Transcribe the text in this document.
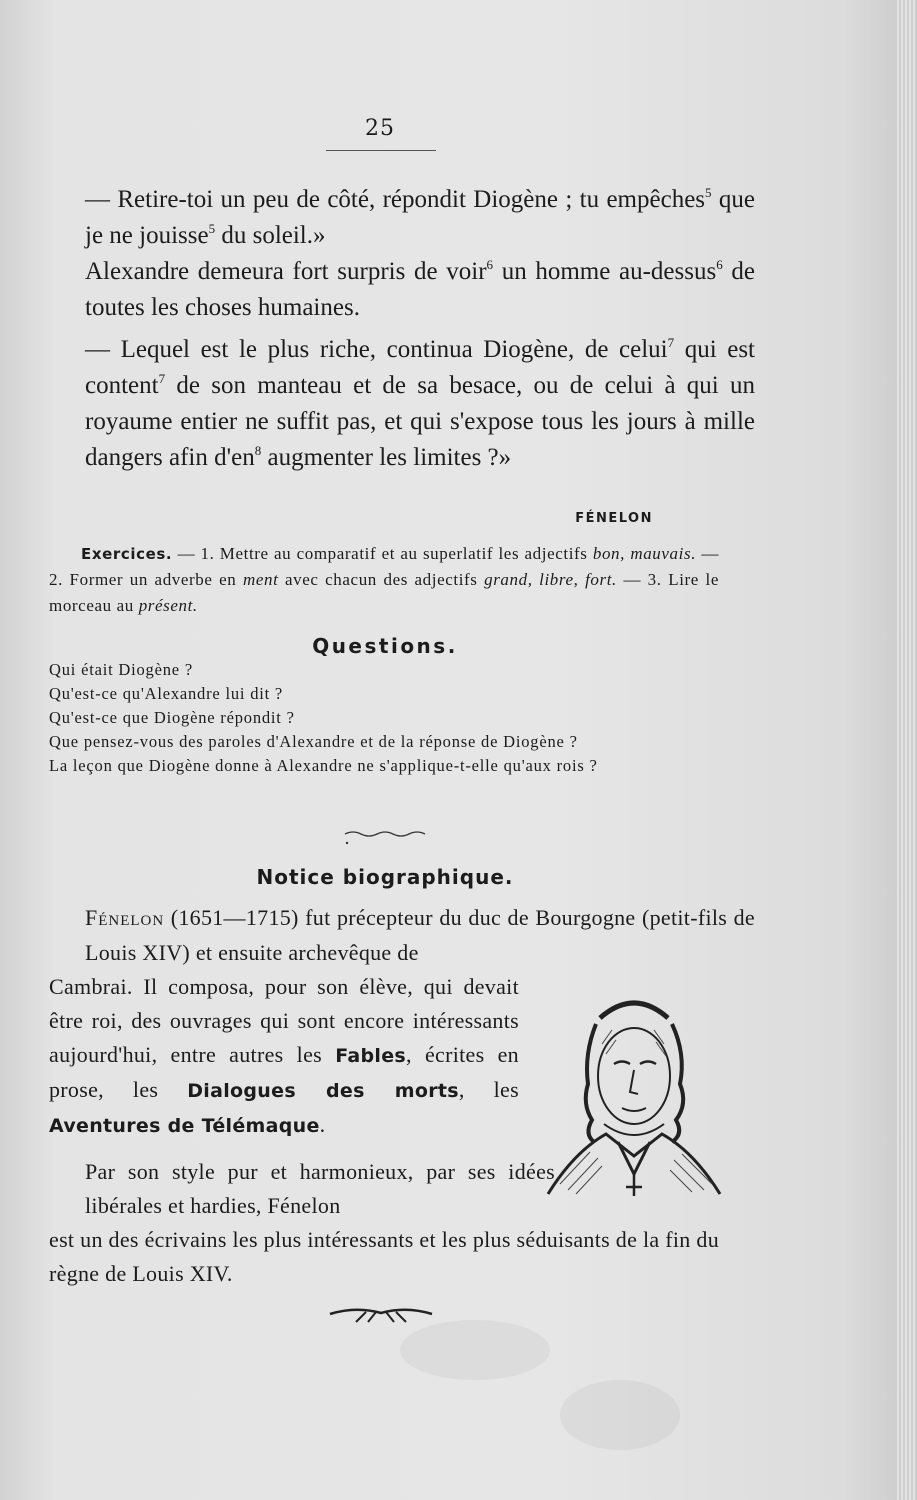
25
— Retire-toi un peu de côté, répondit Diogène ; tu empêches$^5$ que je ne jouisse$^5$ du soleil.»
Alexandre demeura fort surpris de voir$^6$ un homme au-dessus$^6$ de toutes les choses humaines.
— Lequel est le plus riche, continua Diogène, de celui$^7$ qui est content$^7$ de son manteau et de sa besace, ou de celui à qui un royaume entier ne suffit pas, et qui s'expose tous les jours à mille dangers afin $d'en^8$ augmenter les limites ?»
FÉNELON
Exercices. — 1. Mettre au comparatif et au superlatif les adjectifs bon, mauvais. — 2. Former un adverbe en ment avec chacun des adjectifs grand, libre, fort. — 3. Lire le morceau au présent.
Questions.
Qui était Diogène ?
Qu'est-ce qu'Alexandre lui dit ?
Qu'est-ce que Diogène répondit ?
Que pensez-vous des paroles d'Alexandre et de la réponse de Diogène ?
La leçon que Diogène donne à Alexandre ne s'applique-t-elle qu'aux rois ?
Notice biographique.
Fénelon (1651—1715) fut précepteur du duc de Bourgogne (petit-fils de Louis XIV) et ensuite archevêque de
Cambrai. Il composa, pour son élève, qui devait être roi, des ouvrages qui sont encore intéressants aujourd'hui, entre autres les Fables, écrites en prose, les Dialogues des morts, les Aventures de Télémaque.
Par son style pur et harmonieux, par ses idées libérales et hardies, Fénelon
est un des écrivains les plus intéressants et les plus séduisants de la fin du règne de Louis XIV.
